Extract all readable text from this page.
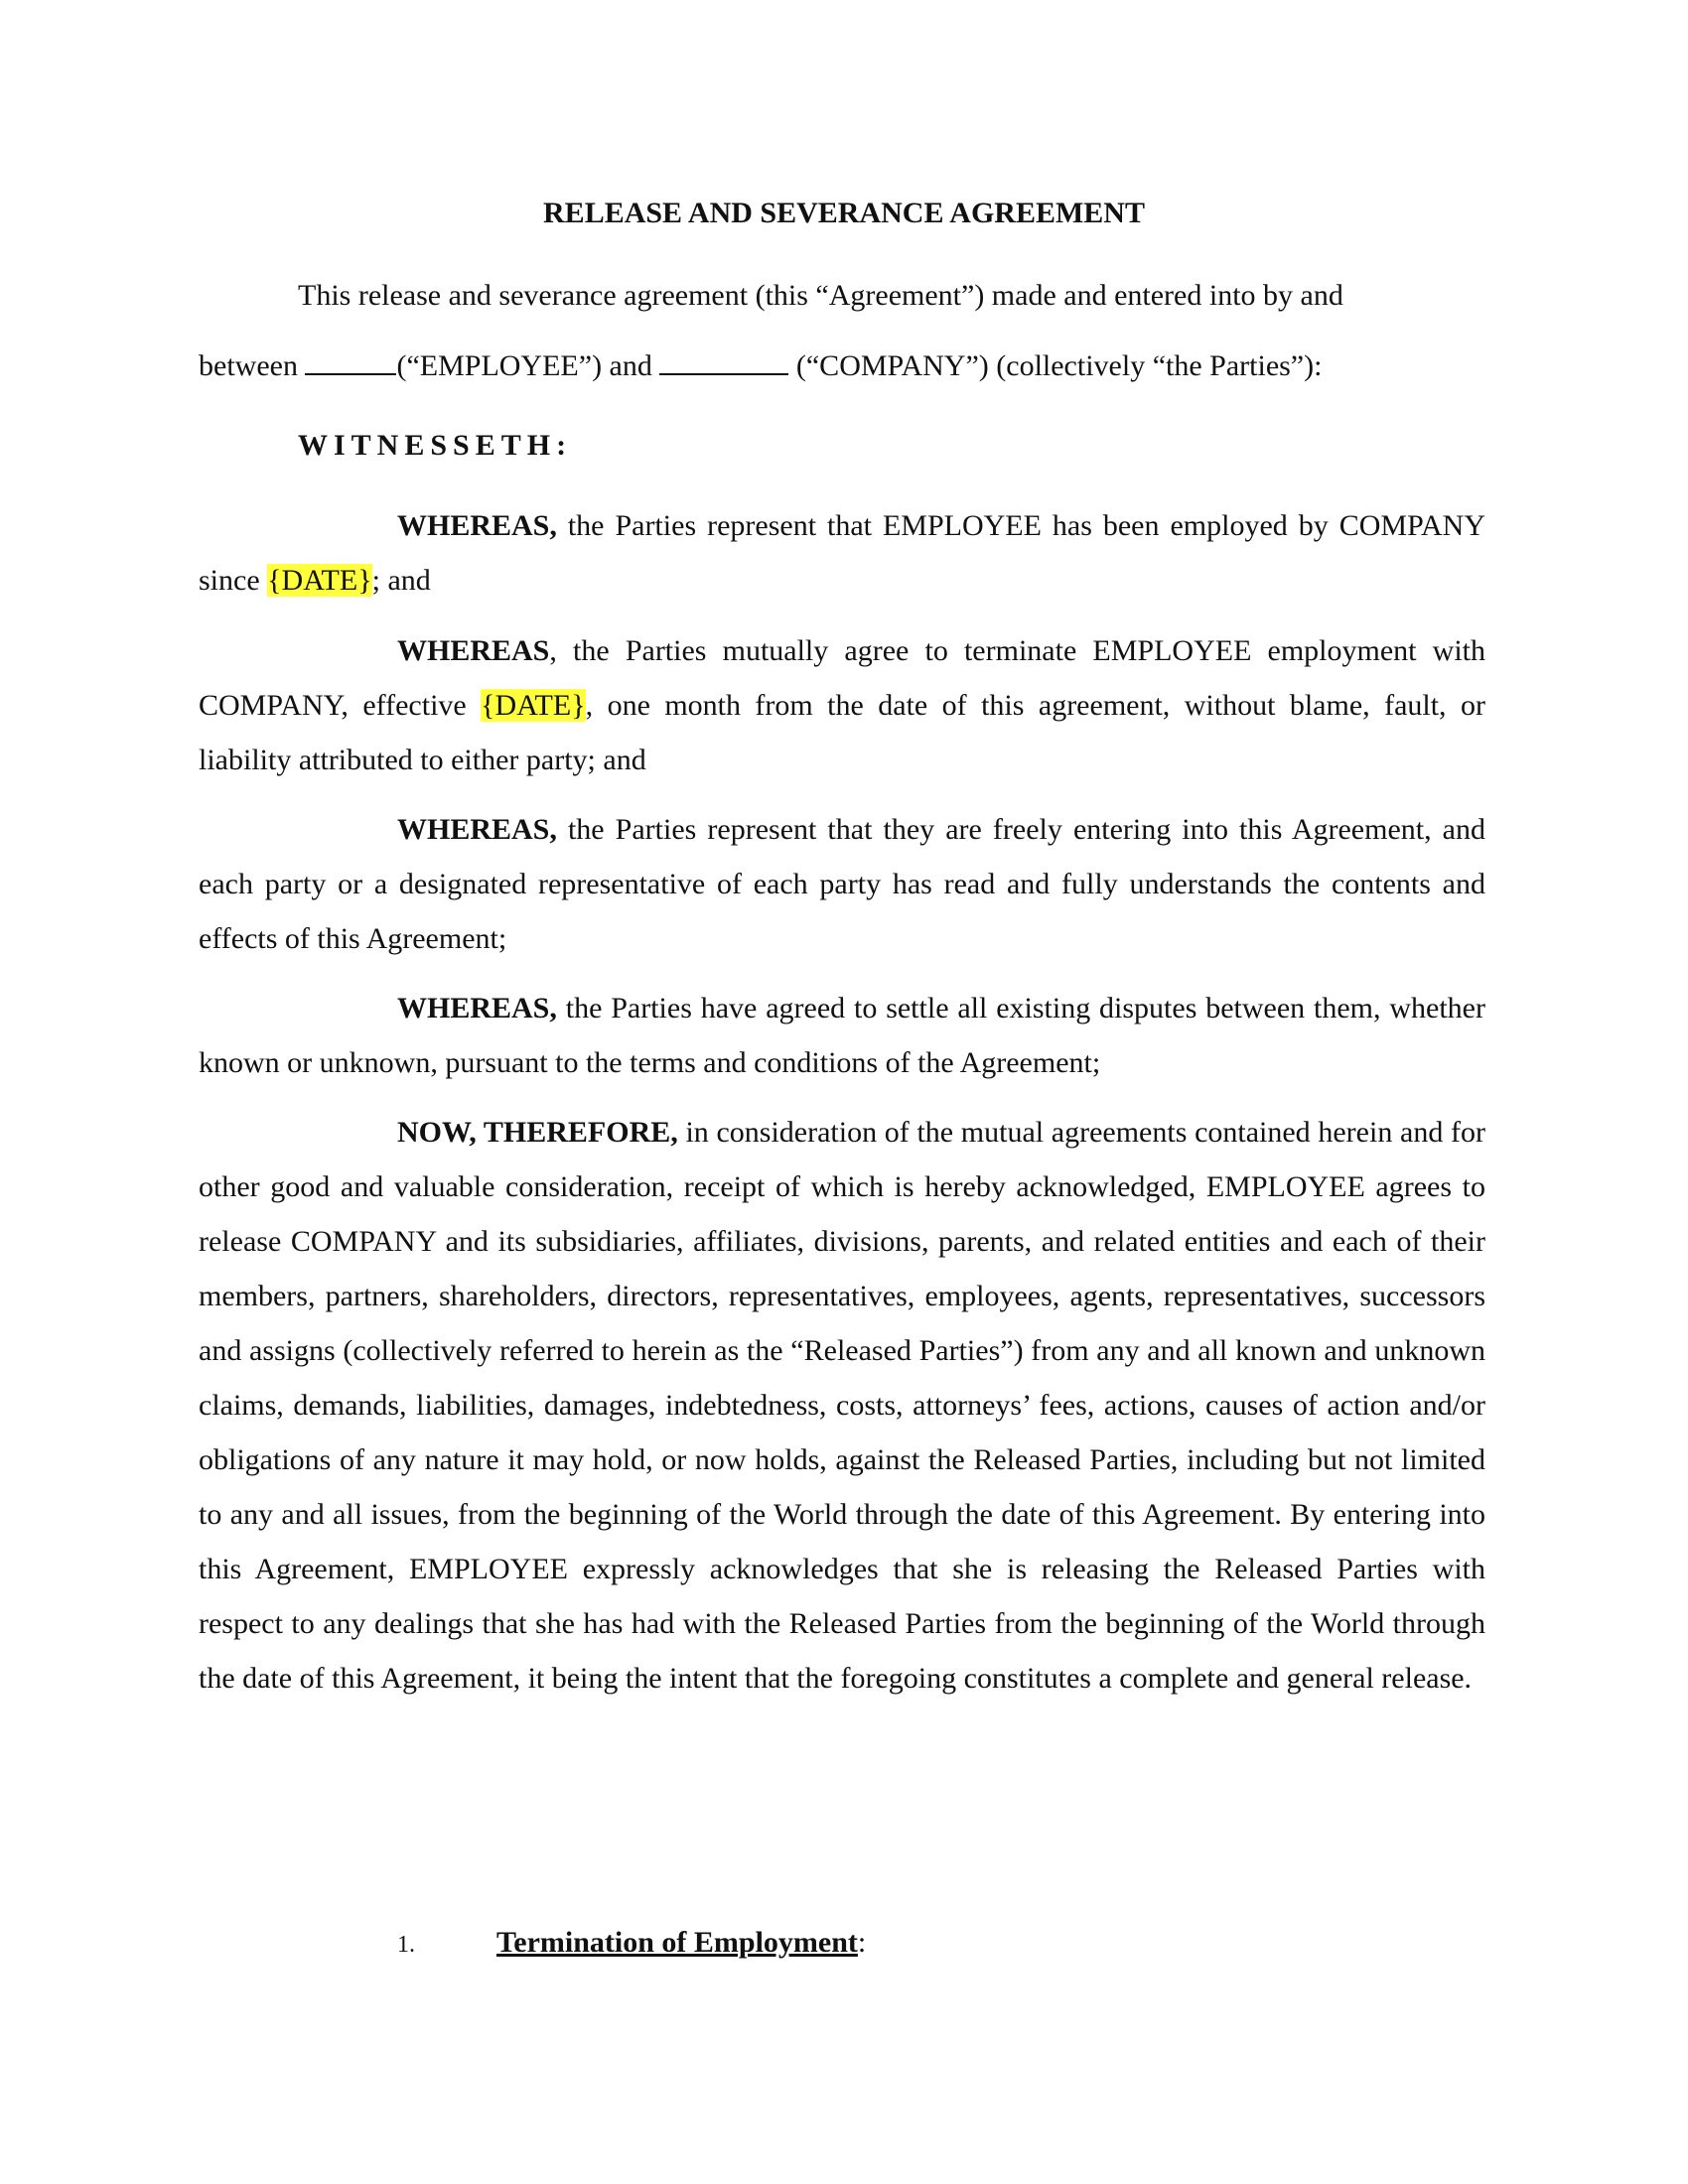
RELEASE AND SEVERANCE AGREEMENT

This release and severance agreement (this “Agreement”) made and entered into by and

between	(“EMPLOYEE”) and	(“COMPANY”) (collectively “the Parties”):

WITNESSETH:

WHEREAS, the Parties represent that EMPLOYEE has been employed by COMPANY since {DATE}; and

WHEREAS, the Parties mutually agree to terminate EMPLOYEE employment with COMPANY, effective {DATE}, one month from the date of this agreement, without blame, fault, or liability attributed to either party; and

WHEREAS, the Parties represent that they are freely entering into this Agreement, and each party or a designated representative of each party has read and fully understands the contents and effects of this Agreement;

WHEREAS, the Parties have agreed to settle all existing disputes between them, whether known or unknown, pursuant to the terms and conditions of the Agreement;

NOW, THEREFORE, in consideration of the mutual agreements contained herein and for other good and valuable consideration, receipt of which is hereby acknowledged, EMPLOYEE agrees to release COMPANY and its subsidiaries, affiliates, divisions, parents, and related entities and each of their members, partners, shareholders, directors, representatives, employees, agents, representatives, successors and assigns (collectively referred to herein as the “Released Parties”) from any and all known and unknown claims, demands, liabilities, damages, indebtedness, costs, attorneys’ fees, actions, causes of action and/or obligations of any nature it may hold, or now holds, against the Released Parties, including but not limited to any and all issues, from the beginning of the World through the date of this Agreement. By entering into this Agreement, EMPLOYEE expressly acknowledges that she is releasing the Released Parties with respect to any dealings that she has had with the Released Parties from the beginning of the World through the date of this Agreement, it being the intent that the foregoing constitutes a complete and general release.

1.	Termination of Employment:
